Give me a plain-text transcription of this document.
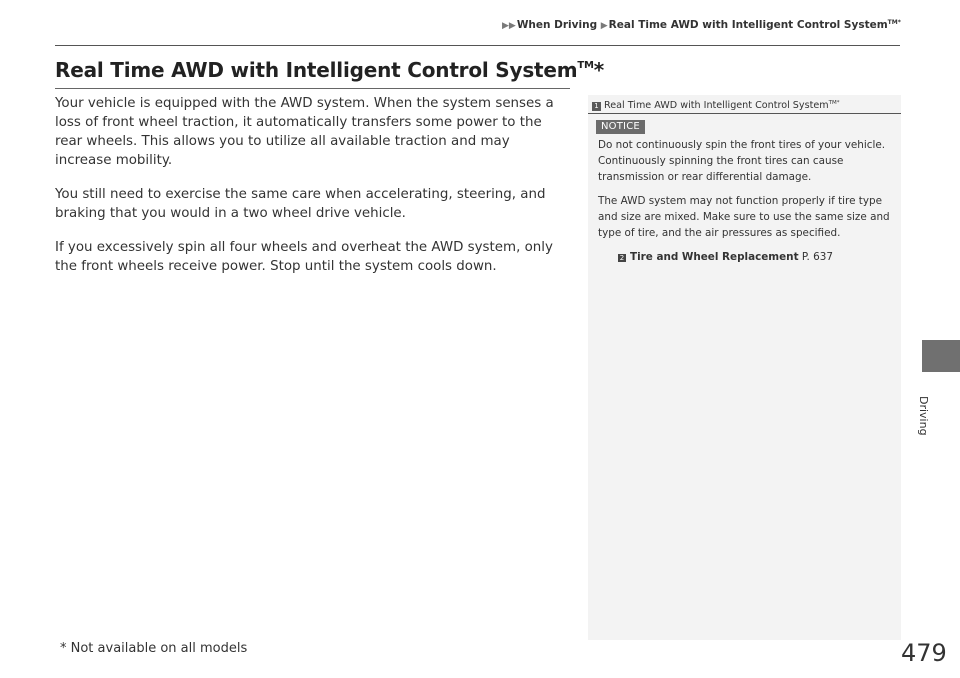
▶▶When Driving ▶Real Time AWD with Intelligent Control System$^{TM*}$
Real Time AWD with Intelligent Control System™*

Your vehicle is equipped with the AWD system. When the system senses a loss of front wheel traction, it automatically transfers some power to the rear wheels. This allows you to utilize all available traction and may increase mobility.

You still need to exercise the same care when accelerating, steering, and braking that you would in a two wheel drive vehicle.

If you excessively spin all four wheels and overheat the AWD system, only the front wheels receive power. Stop until the system cools down.

1 Real Time AWD with Intelligent Control System$^{TM*}$
NOTICE

Do not continuously spin the front tires of your vehicle. Continuously spinning the front tires can cause transmission or rear differential damage.

The AWD system may not function properly if tire type and size are mixed. Make sure to use the same size and type of tire, and the air pressures as specified.

2 Tire and Wheel Replacement P. 637

Driving
* Not available on all models	479
